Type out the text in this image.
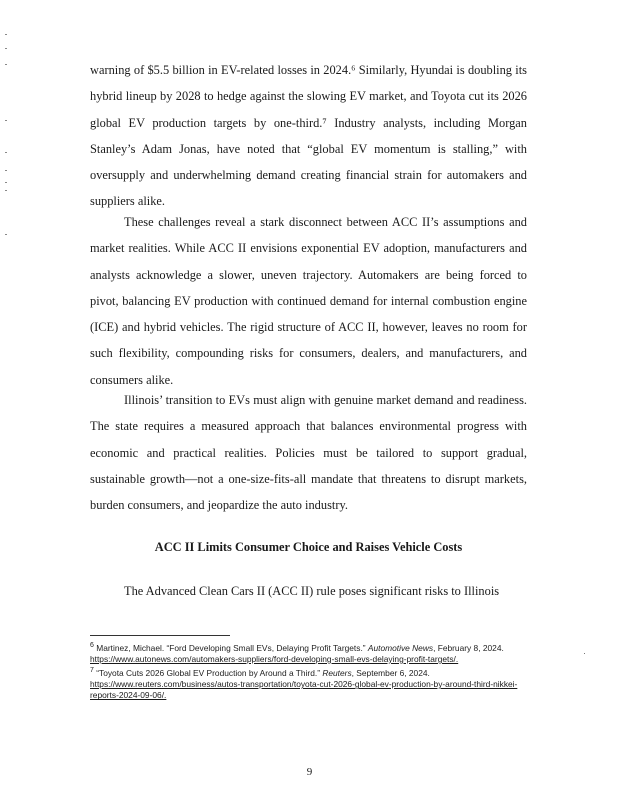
warning of $5.5 billion in EV-related losses in 2024.⁶ Similarly, Hyundai is doubling its hybrid lineup by 2028 to hedge against the slowing EV market, and Toyota cut its 2026 global EV production targets by one-third.⁷ Industry analysts, including Morgan Stanley’s Adam Jonas, have noted that “global EV momentum is stalling,” with oversupply and underwhelming demand creating financial strain for automakers and suppliers alike.

These challenges reveal a stark disconnect between ACC II’s assumptions and market realities. While ACC II envisions exponential EV adoption, manufacturers and analysts acknowledge a slower, uneven trajectory. Automakers are being forced to pivot, balancing EV production with continued demand for internal combustion engine (ICE) and hybrid vehicles. The rigid structure of ACC II, however, leaves no room for such flexibility, compounding risks for consumers, dealers, and manufacturers, and consumers alike.

Illinois’ transition to EVs must align with genuine market demand and readiness. The state requires a measured approach that balances environmental progress with economic and practical realities. Policies must be tailored to support gradual, sustainable growth—not a one-size-fits-all mandate that threatens to disrupt markets, burden consumers, and jeopardize the auto industry.

ACC II Limits Consumer Choice and Raises Vehicle Costs

The Advanced Clean Cars II (ACC II) rule poses significant risks to Illinois

$^6$ Martinez, Michael. “Ford Developing Small EVs, Delaying Profit Targets.” Automotive News, February 8, 2024. https://www.autonews.com/automakers-suppliers/ford-developing-small-evs-delaying-profit-targets/.

$^7$ “Toyota Cuts 2026 Global EV Production by Around a Third.” Reuters, September 6, 2024. https://www.reuters.com/business/autos-transportation/toyota-cut-2026-global-ev-production-by-around-third-nikkei-reports-2024-09-06/.

9
